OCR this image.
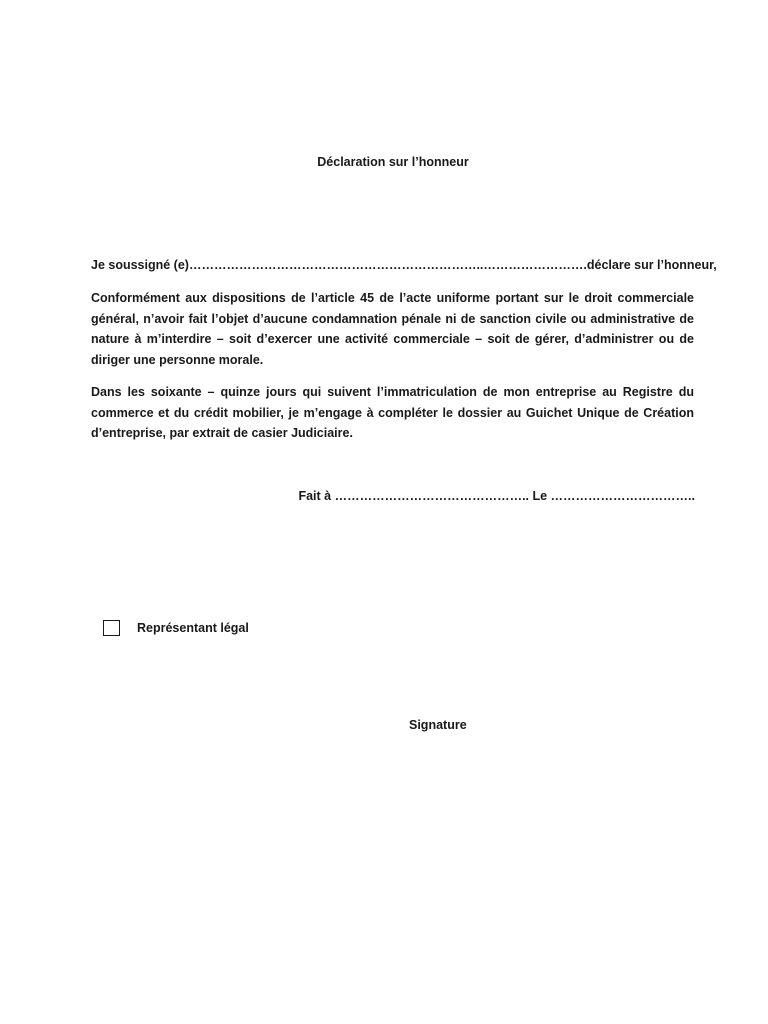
Déclaration sur l’honneur
Je soussigné (e)……………………………………………………………..…………………….déclare sur l’honneur,
Conformément aux dispositions de l’article 45 de l’acte uniforme portant sur le droit commerciale général, n’avoir fait l’objet d’aucune condamnation pénale ni de sanction civile ou administrative de nature à m’interdire – soit d’exercer une activité commerciale – soit de gérer, d’administrer ou de diriger une personne morale.
Dans les soixante – quinze jours qui suivent l’immatriculation de mon entreprise au Registre du commerce et du crédit mobilier, je m’engage à compléter le dossier au Guichet Unique de Création d’entreprise, par extrait de casier Judiciaire.
Fait à ……………………………………….. Le ……………………………..
Représentant légal
Signature
